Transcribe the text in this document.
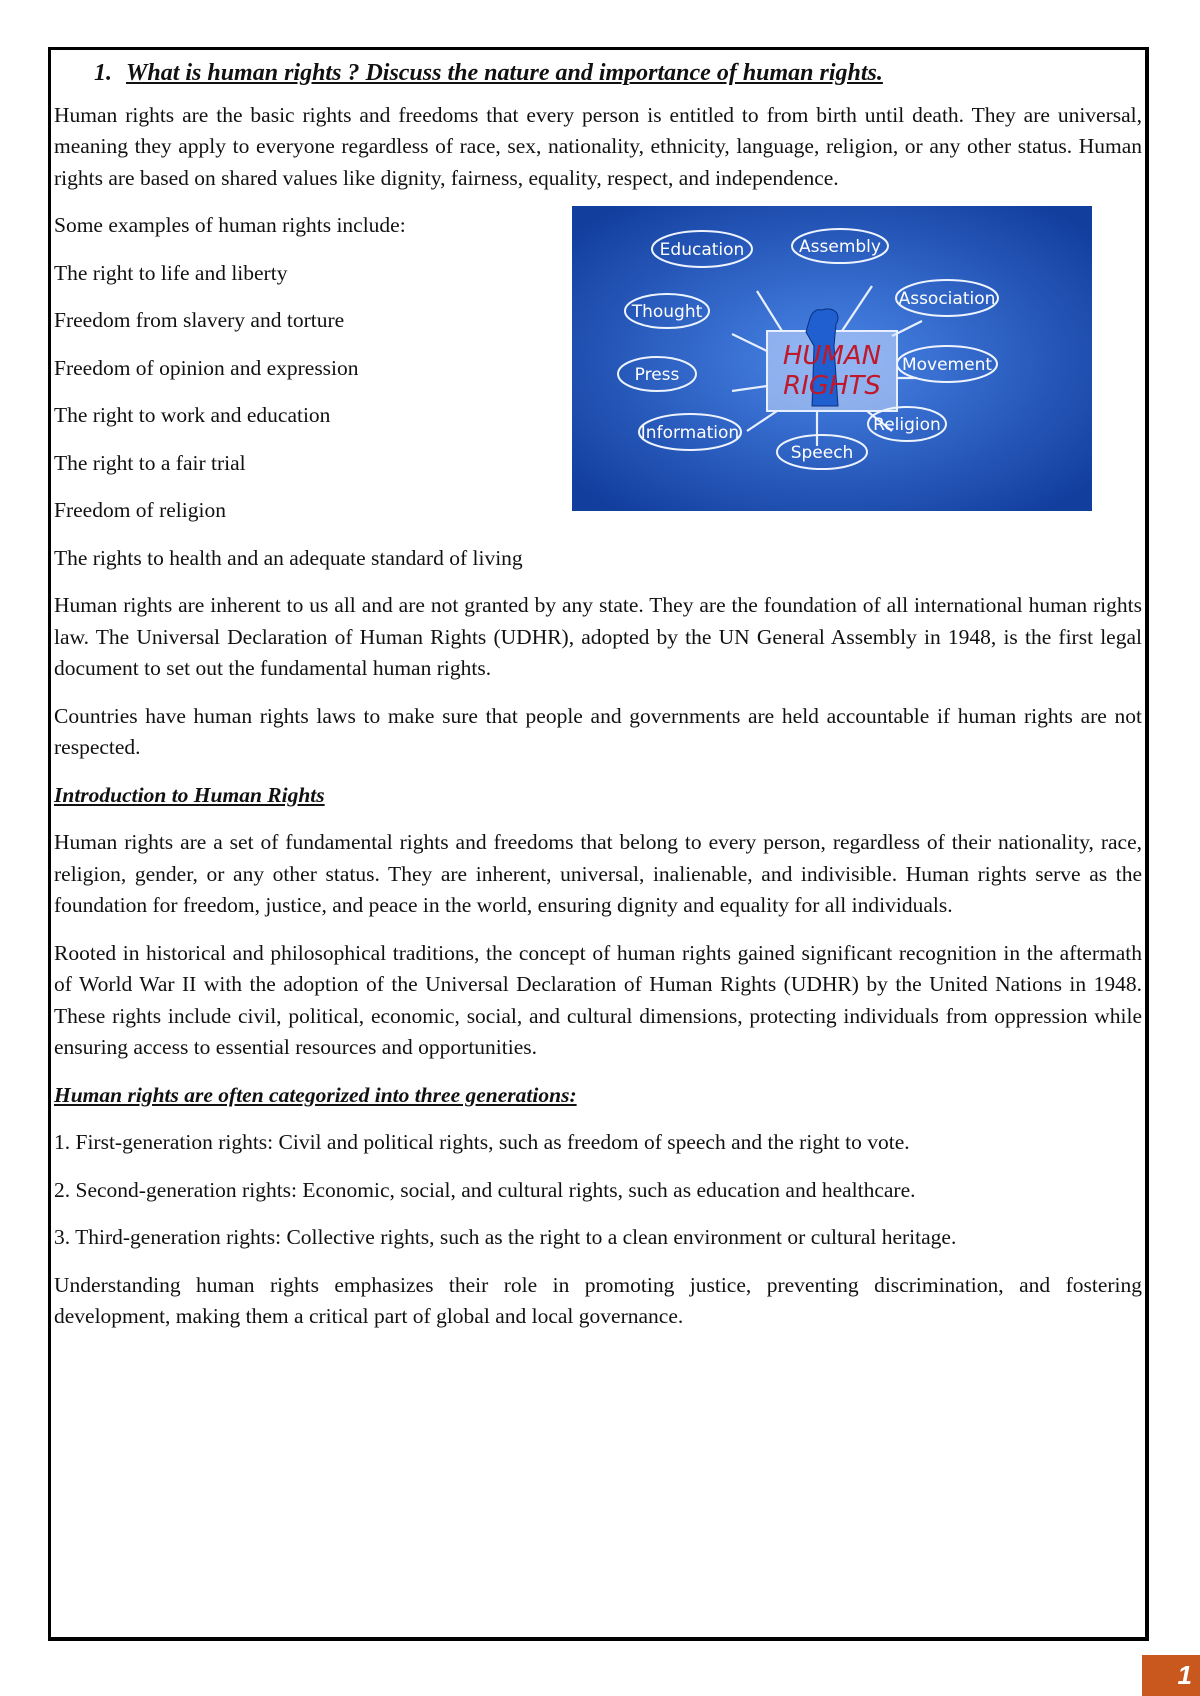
1. What is human rights ? Discuss the nature and importance of human rights.

Human rights are the basic rights and freedoms that every person is entitled to from birth until death. They are universal, meaning they apply to everyone regardless of race, sex, nationality, ethnicity, language, religion, or any other status. Human rights are based on shared values like dignity, fairness, equality, respect, and independence.

Some examples of human rights include:

The right to life and liberty

Freedom from slavery and torture

Freedom of opinion and expression

The right to work and education

The right to a fair trial

Freedom of religion

HUMAN
RIGHTS
Education	Assembly
Thought
Association
Press	Movement
Information	Religion
Speech

The rights to health and an adequate standard of living

Human rights are inherent to us all and are not granted by any state. They are the foundation of all international human rights law. The Universal Declaration of Human Rights (UDHR), adopted by the UN General Assembly in 1948, is the first legal document to set out the fundamental human rights.

Countries have human rights laws to make sure that people and governments are held accountable if human rights are not respected.

Introduction to Human Rights

Human rights are a set of fundamental rights and freedoms that belong to every person, regardless of their nationality, race, religion, gender, or any other status. They are inherent, universal, inalienable, and indivisible. Human rights serve as the foundation for freedom, justice, and peace in the world, ensuring dignity and equality for all individuals.

Rooted in historical and philosophical traditions, the concept of human rights gained significant recognition in the aftermath of World War II with the adoption of the Universal Declaration of Human Rights (UDHR) by the United Nations in 1948. These rights include civil, political, economic, social, and cultural dimensions, protecting individuals from oppression while ensuring access to essential resources and opportunities.

Human rights are often categorized into three generations:

1. First-generation rights: Civil and political rights, such as freedom of speech and the right to vote.

2. Second-generation rights: Economic, social, and cultural rights, such as education and healthcare.

3. Third-generation rights: Collective rights, such as the right to a clean environment or cultural heritage.

Understanding human rights emphasizes their role in promoting justice, preventing discrimination, and fostering development, making them a critical part of global and local governance.

1
